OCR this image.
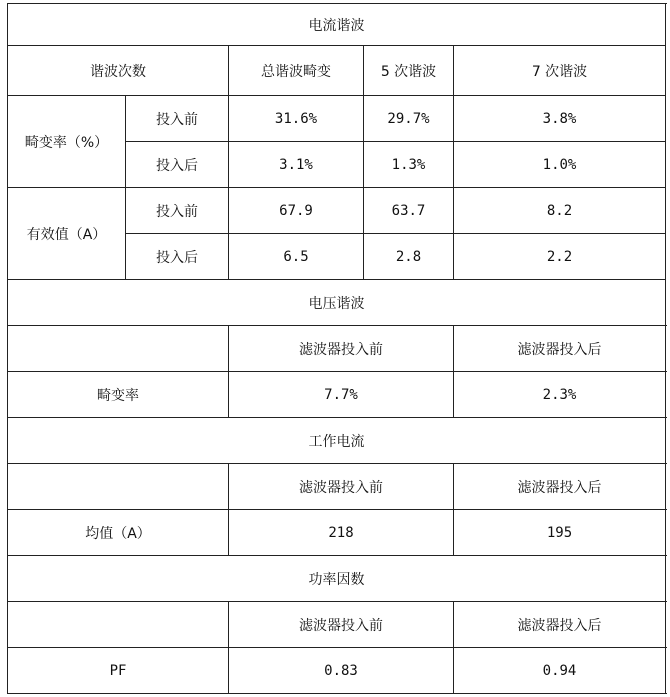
电流谐波					
谐波次数		总谐波畸变	5 次谐波	7 次谐波	
畸变率（%）	投入前	31.6%	29.7%	3.8%	
	投入后	3.1%	1.3%	1.0%	
有效值（A）	投入前	67.9	63.7	8.2	
	投入后	6.5	2.8	2.2	
电压谐波					
		滤波器投入前		滤波器投入后	
畸变率		7.7%		2.3%	
工作电流					
		滤波器投入前		滤波器投入后	
均值（A）		218		195	
功率因数					
		滤波器投入前		滤波器投入后	
PF		0.83		0.94	
